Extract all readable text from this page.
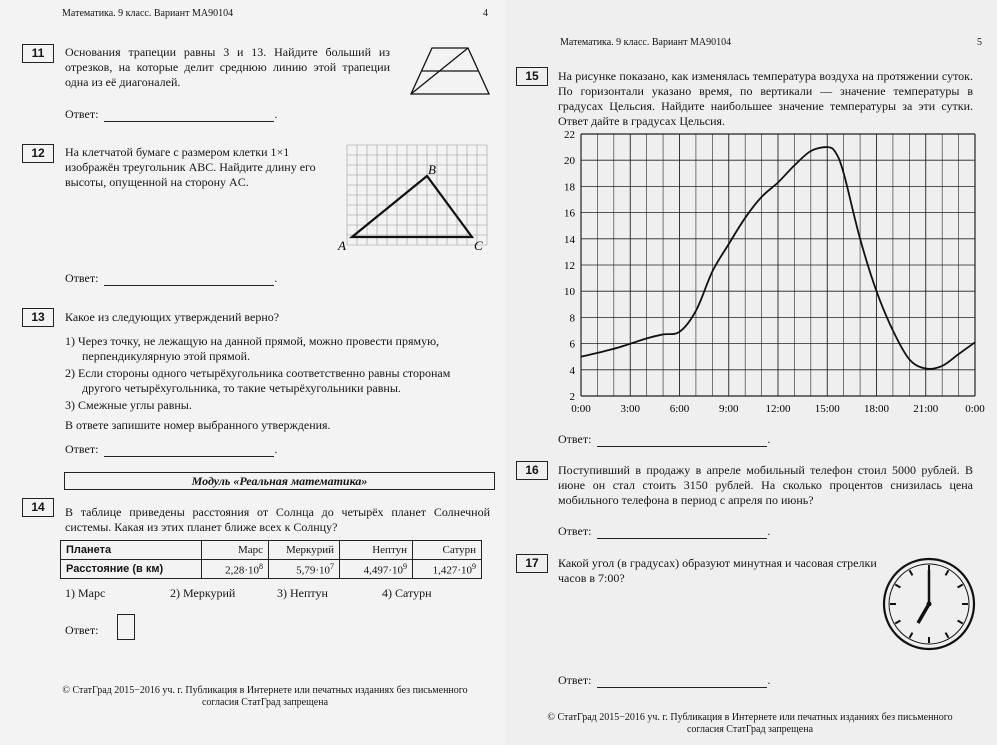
Математика. 9 класс. Вариант МА90104	4
11	Основания трапеции равны 3 и 13. Найдите больший из отрезков, на которые делит среднюю линию этой трапеции одна из её диагоналей.
Ответ:	.
12	На клетчатой бумаге с размером клетки 1×1 изображён треугольник ABC. Найдите длину его высоты, опущенной на сторону AC.
A
B
C
Ответ:	.
13	Какое из следующих утверждений верно?
1) Через точку, не лежащую на данной прямой, можно провести прямую, перпендикулярную этой прямой.
2) Если стороны одного четырёхугольника соответственно равны сторонам другого четырёхугольника, то такие четырёхугольники равны.
3) Смежные углы равны.
В ответе запишите номер выбранного утверждения.
Ответ:	.
Модуль «Реальная математика»
14	В таблице приведены расстояния от Солнца до четырёх планет Солнечной системы. Какая из этих планет ближе всех к Солнцу?
Планета	Марс	Меркурий	Нептун	Сатурн
Расстояние (в км)	$2,28\cdot 10^8$	$5,79\cdot 10^7$	$4,497\cdot 10^9$	$1,427\cdot 10^9$
1) Марс	2) Меркурий	3) Нептун	4) Сатурн
Ответ:
© СтатГрад 2015−2016 уч. г. Публикация в Интернете или печатных изданиях без письменного
согласия СтатГрад запрещена
Математика. 9 класс. Вариант МА90104	5
15	На рисунке показано, как изменялась температура воздуха на протяжении суток. По горизонтали указано время, по вертикали — значение температуры в градусах Цельсия. Найдите наибольшее значение температуры за эти сутки. Ответ дайте в градусах Цельсия.
2
4
6
8
10
12
14
16
18
20
22
0:00	3:00	6:00	9:00 12:00 15:00 18:00 21:00 0:00
Ответ:	.
16	Поступивший в продажу в апреле мобильный телефон стоил 5000 рублей. В июне он стал стоить 3150 рублей. На сколько процентов снизилась цена мобильного телефона в период с апреля по июнь?
Ответ:	.
17	Какой угол (в градусах) образуют минутная и часовая стрелки часов в 7:00?
Ответ:	.
© СтатГрад 2015−2016 уч. г. Публикация в Интернете или печатных изданиях без письменного
согласия СтатГрад запрещена
